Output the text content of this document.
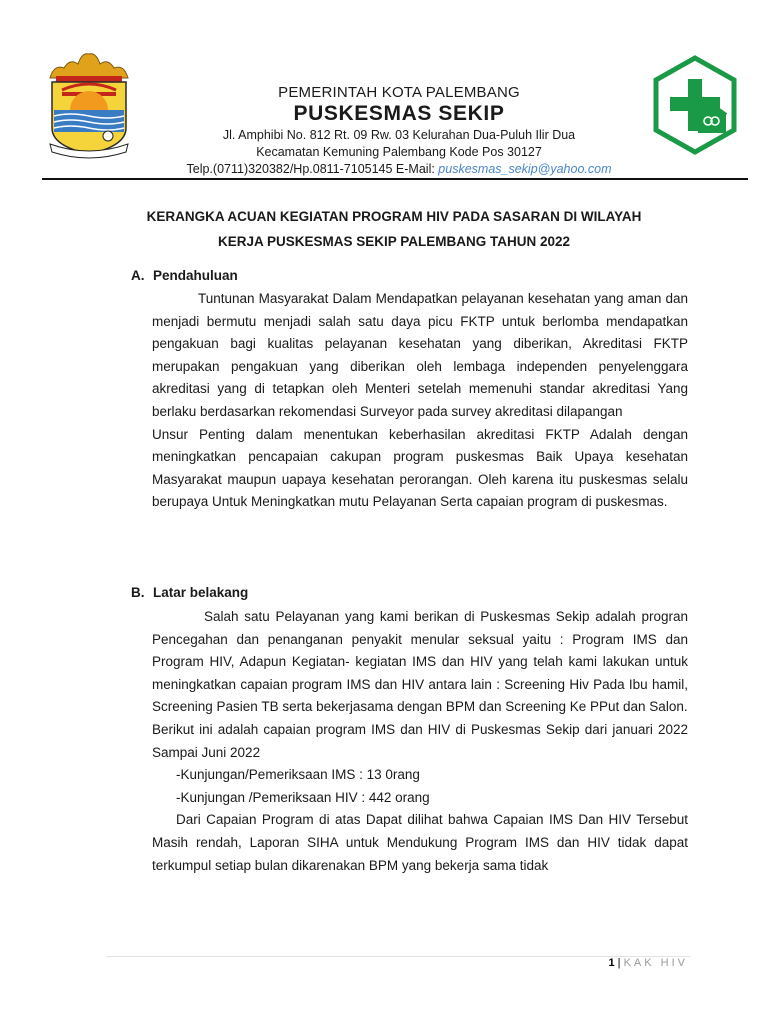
PEMERINTAH KOTA PALEMBANG
PUSKESMAS SEKIP
Jl. Amphibi No. 812 Rt. 09 Rw. 03 Kelurahan Dua-Puluh Ilir Dua
Kecamatan Kemuning Palembang Kode Pos 30127
Telp.(0711)320382/Hp.0811-7105145 E-Mail: puskesmas_sekip@yahoo.com
KERANGKA ACUAN KEGIATAN PROGRAM HIV PADA SASARAN DI WILAYAH
KERJA PUSKESMAS SEKIP PALEMBANG TAHUN 2022
A. Pendahuluan

Tuntunan Masyarakat Dalam Mendapatkan pelayanan kesehatan yang aman dan menjadi bermutu menjadi salah satu daya picu FKTP untuk berlomba mendapatkan pengakuan bagi kualitas pelayanan kesehatan yang diberikan, Akreditasi FKTP merupakan pengakuan yang diberikan oleh lembaga independen penyelenggara akreditasi yang di tetapkan oleh Menteri setelah memenuhi standar akreditasi Yang berlaku berdasarkan rekomendasi Surveyor pada survey akreditasi dilapangan

Unsur Penting dalam menentukan keberhasilan akreditasi FKTP Adalah dengan meningkatkan pencapaian cakupan program puskesmas Baik Upaya kesehatan Masyarakat maupun uapaya kesehatan perorangan. Oleh karena itu puskesmas selalu berupaya Untuk Meningkatkan mutu Pelayanan Serta capaian program di puskesmas.

B. Latar belakang

Salah satu Pelayanan yang kami berikan di Puskesmas Sekip adalah progran Pencegahan dan penanganan penyakit menular seksual yaitu : Program IMS dan Program HIV, Adapun Kegiatan- kegiatan IMS dan HIV yang telah kami lakukan untuk meningkatkan capaian program IMS dan HIV antara lain : Screening Hiv Pada Ibu hamil, Screening Pasien TB serta bekerjasama dengan BPM dan Screening Ke PPut dan Salon.

Berikut ini adalah capaian program IMS dan HIV di Puskesmas Sekip dari januari 2022 Sampai Juni 2022

-Kunjungan/Pemeriksaan IMS : 13 0rang

-Kunjungan /Pemeriksaan HIV : 442 orang

Dari Capaian Program di atas Dapat dilihat bahwa Capaian IMS Dan HIV Tersebut Masih rendah, Laporan SIHA untuk Mendukung Program IMS dan HIV tidak dapat terkumpul setiap bulan dikarenakan BPM yang bekerja sama tidak

1 | KAK HIV
